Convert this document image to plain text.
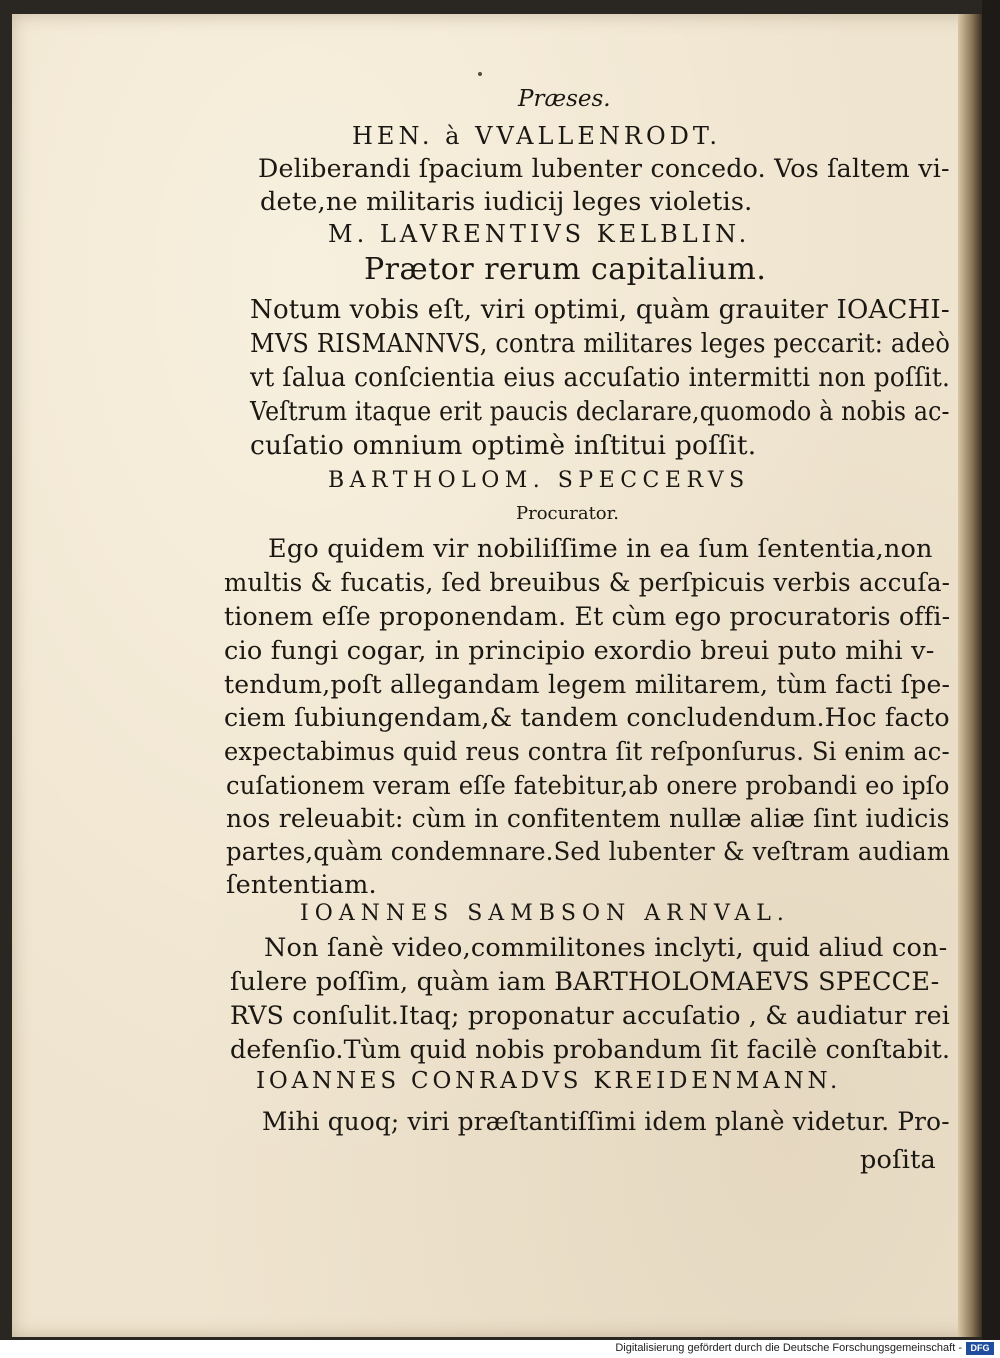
Præses.
HEN. à VVALLENRODT.
Deliberandi ſpacium lubenter concedo. Vos ſaltem vi-
dete,ne militaris iudicij leges violetis.
M. LAVRENTIVS KELBLIN.
Prætor rerum capitalium.
Notum vobis eſt, viri optimi, quàm grauiter IOACHI-
MVS RISMANNVS, contra militares leges peccarit: adeò
vt ſalua conſcientia eius accuſatio intermitti non poſſit.
Veſtrum itaque erit paucis declarare,quomodo à nobis ac-
cuſatio omnium optimè inſtitui poſſit.
BARTHOLOM. SPECCERVS
Procurator.
Ego quidem vir nobiliſſime in ea ſum ſententia,non
multis & fucatis, ſed breuibus & perſpicuis verbis accuſa-
tionem eſſe proponendam. Et cùm ego procuratoris offi-
cio fungi cogar, in principio exordio breui puto mihi v-
tendum,poſt allegandam legem militarem, tùm facti ſpe-
ciem ſubiungendam,& tandem concludendum.Hoc facto
expectabimus quid reus contra ſit reſponſurus. Si enim ac-
cuſationem veram eſſe fatebitur,ab onere probandi eo ipſo
nos releuabit: cùm in confitentem nullæ aliæ ſint iudicis
partes,quàm condemnare.Sed lubenter & veſtram audiam
ſententiam.
IOANNES SAMBSON ARNVAL.
Non ſanè video,commilitones inclyti, quid aliud con-
ſulere poſſim, quàm iam BARTHOLOMAEVS SPECCE-
RVS conſulit.Itaq; proponatur accuſatio , & audiatur rei
defenſio.Tùm quid nobis probandum ſit facilè conſtabit.
IOANNES CONRADVS KREIDENMANN.
Mihi quoq; viri præſtantiſſimi idem planè videtur. Pro-
poſita
Digitalisierung gefördert durch die Deutsche Forschungsgemeinschaft - DFG
